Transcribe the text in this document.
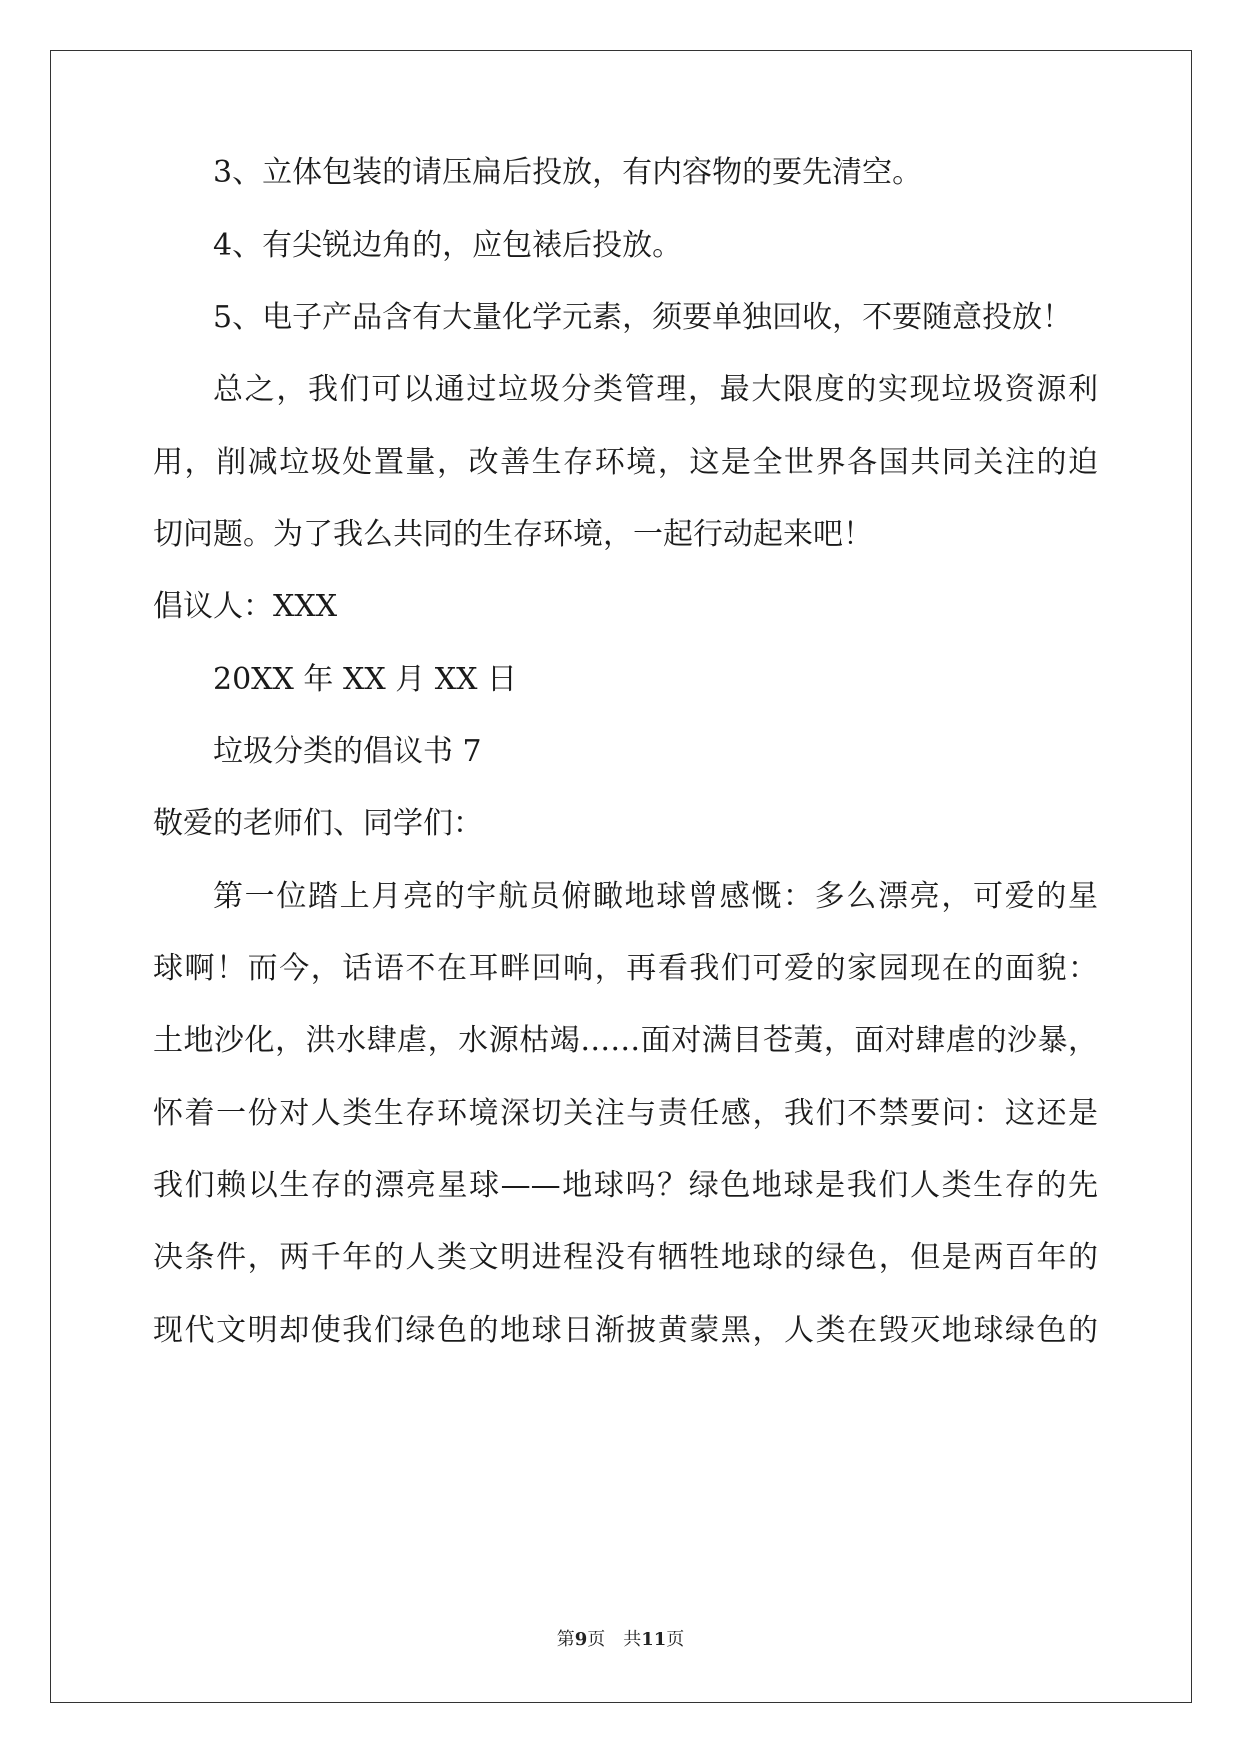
3、立体包装的请压扁后投放，有内容物的要先清空。
4、有尖锐边角的，应包裱后投放。
5、电子产品含有大量化学元素，须要单独回收，不要随意投放！
总之，我们可以通过垃圾分类管理，最大限度的实现垃圾资源利
用，削减垃圾处置量，改善生存环境，这是全世界各国共同关注的迫
切问题。为了我么共同的生存环境，一起行动起来吧！
倡议人：XXX
20XX 年 XX 月 XX 日
垃圾分类的倡议书 7
敬爱的老师们、同学们：
第一位踏上月亮的宇航员俯瞰地球曾感慨：多么漂亮，可爱的星
球啊！而今，话语不在耳畔回响，再看我们可爱的家园现在的面貌：
土地沙化，洪水肆虐，水源枯竭……面对满目苍荑，面对肆虐的沙暴，
怀着一份对人类生存环境深切关注与责任感，我们不禁要问：这还是
我们赖以生存的漂亮星球——地球吗？绿色地球是我们人类生存的先
决条件，两千年的人类文明进程没有牺牲地球的绿色，但是两百年的
现代文明却使我们绿色的地球日渐披黄蒙黑，人类在毁灭地球绿色的
第9页　共11页
